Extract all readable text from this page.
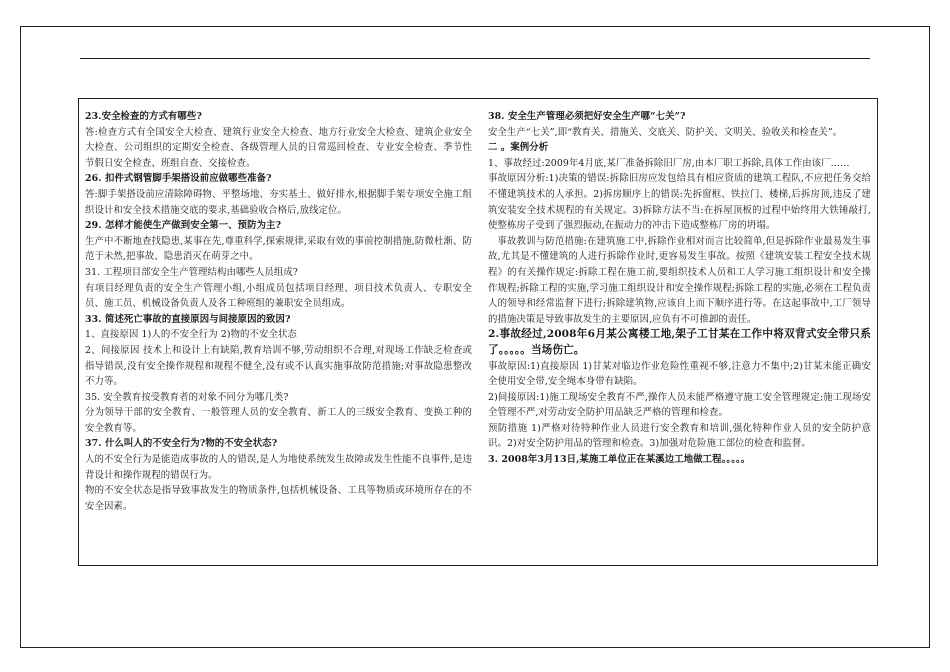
23.安全检查的方式有哪些?

答:检查方式有全国安全大检查、建筑行业安全大检查、地方行业安全大检查、建筑企业安全大检查、公司组织的定期安全检查、各级管理人员的日常巡回检查、专业安全检查、季节性节假日安全检查、班组自查、交接检查。

26. 扣件式钢管脚手架搭设前应做哪些准备?

答:脚手架搭设前应清除障碍物、平整场地、夯实基土、做好排水,根据脚手架专项安全施工组织设计和安全技术措施交底的要求,基础验收合格后,放线定位。

29. 怎样才能使生产做到安全第一、预防为主?

生产中不断地查找隐患,某事在先,尊重科学,探索规律,采取有效的事前控制措施,防微杜渐、防范于未然,把事故、隐患消灭在萌芽之中。

31. 工程项目部安全生产管理结构由哪些人员组成?

有项目经理负责的安全生产管理小组,小组成员包括项目经理、项目技术负责人、专职安全员、施工员、机械设备负责人及各工种班组的兼职安全员组成。

33. 简述死亡事故的直接原因与间接原因的致因?

1、直接原因 1)人的不安全行为 2)物的不安全状态

2、间接原因 技术上和设计上有缺陷,教育培训不够,劳动组织不合理,对现场工作缺乏检查或指导错误,没有安全操作规程和规程不健全,没有或不认真实施事故防范措施;对事故隐患整改不力等。

35. 安全教育按受教育者的对象不同分为哪几类?

分为领导干部的安全教育、一般管理人员的安全教育、新工人的三级安全教育、变换工种的安全教育等。

37. 什么叫人的不安全行为?物的不安全状态?

人的不安全行为是能造成事故的人的错误,是人为地使系统发生故障或发生性能不良事件,是违背设计和操作规程的错误行为。

物的不安全状态是指导致事故发生的物质条件,包括机械设备、工具等物质或环境所存在的不安全因素。

38. 安全生产管理必须把好安全生产哪“七关”?

安全生产“七关”,即“教育关、措施关、交底关、防护关、文明关、验收关和检查关”。

二 。案例分析

1、事故经过:2009年4月底,某厂准备拆除旧厂房,由本厂职工拆除,具体工作由该厂……

事故原因分析:1)决策的错误:拆除旧房应发包给具有相应资质的建筑工程队,不应把任务交给不懂建筑技术的人承担。2)拆房顺序上的错误:先拆窗框、铁拉门、楼梯,后拆房顶,违反了建筑安装安全技术规程的有关规定。3)拆除方法不当:在拆屋顶板的过程中始终用大铁锤敲打,使整栋房子受到了强烈振动,在振动力的冲击下造成整栋厂房的坍塌。

事故教训与防范措施:在建筑施工中,拆除作业相对而言比较简单,但是拆除作业最易发生事故,尤其是不懂建筑的人进行拆除作业时,更容易发生事故。按照《建筑安装工程安全技术规程》的有关操作规定:拆除工程在施工前,要组织技术人员和工人学习施工组织设计和安全操作规程;拆除工程的实施,学习施工组织设计和安全操作规程;拆除工程的实施,必须在工程负责人的领导和经常监督下进行;拆除建筑物,应该自上而下顺序进行等。在这起事故中,工厂领导的措施决策是导致事故发生的主要原因,应负有不可推卸的责任。

2.事故经过,2008年6月某公寓楼工地,架子工甘某在工作中将双背式安全带只系了。。。。。当场伤亡。

事故原因:1)直接原因 1)甘某对临边作业危险性重视不够,注意力不集中;2)甘某未能正确安全使用安全带,安全绳本身带有缺陷。

2)间接原因:1)施工现场安全教育不严,操作人员未能严格遵守施工安全管理规定;施工现场安全管理不严,对劳动安全防护用品缺乏严格的管理和检查。

预防措施 1)严格对待特种作业人员进行安全教育和培训,强化特种作业人员的安全防护意识。2)对安全防护用品的管理和检查。3)加强对危险施工部位的检查和监督。

3. 2008年3月13日,某施工单位正在某溪边工地做工程。。。。。
